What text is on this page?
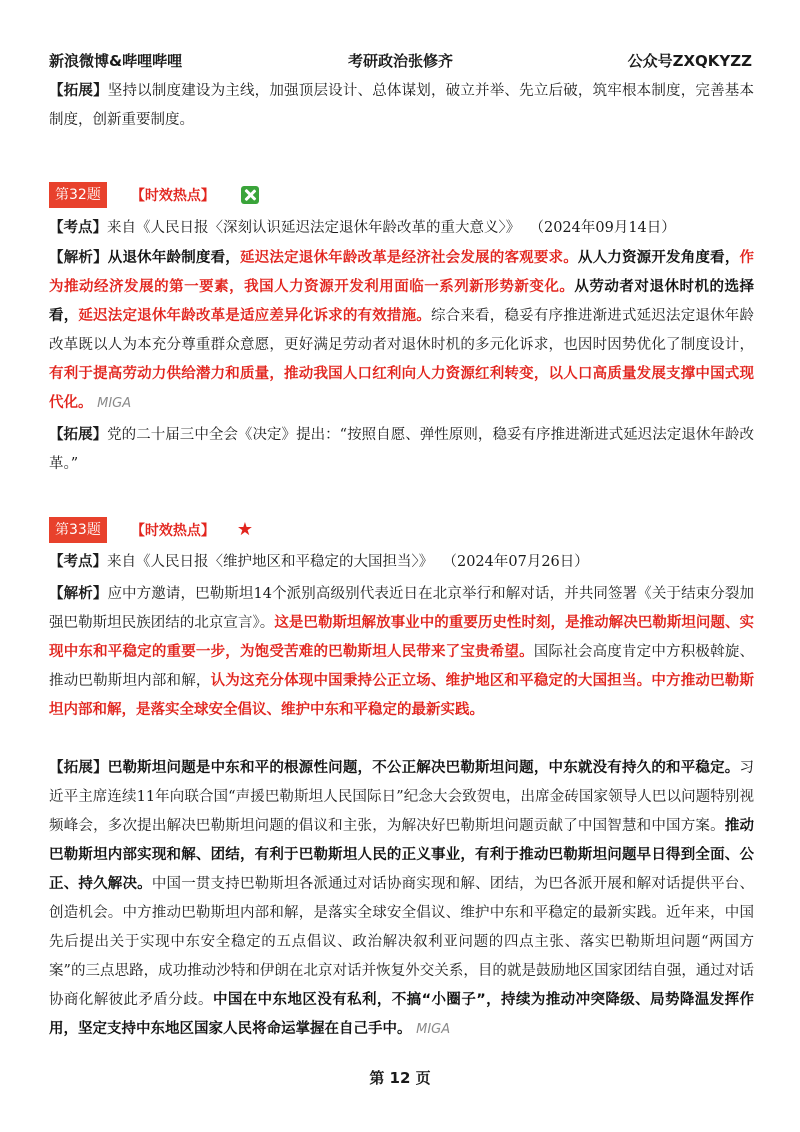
新浪微博&哔哩哔哩	考研政治张修齐	公众号ZXQKYZZ
【拓展】坚持以制度建设为主线，加强顶层设计、总体谋划，破立并举、先立后破，筑牢根本制度，完善基本制度，创新重要制度。
第32题	【时效热点】
【考点】来自《人民日报〈深刻认识延迟法定退休年龄改革的重大意义〉》 （2024年09月14日）
【解析】从退休年龄制度看，延迟法定退休年龄改革是经济社会发展的客观要求。从人力资源开发角度看，作为推动经济发展的第一要素，我国人力资源开发利用面临一系列新形势新变化。从劳动者对退休时机的选择看，延迟法定退休年龄改革是适应差异化诉求的有效措施。综合来看，稳妥有序推进渐进式延迟法定退休年龄改革既以人为本充分尊重群众意愿，更好满足劳动者对退休时机的多元化诉求，也因时因势优化了制度设计，有利于提高劳动力供给潜力和质量，推动我国人口红利向人力资源红利转变，以人口高质量发展支撑中国式现代化。 MIGA
【拓展】党的二十届三中全会《决定》提出：“按照自愿、弹性原则，稳妥有序推进渐进式延迟法定退休年龄改革。”
第33题	【时效热点】 ★
【考点】来自《人民日报〈维护地区和平稳定的大国担当〉》 （2024年07月26日）
【解析】应中方邀请，巴勒斯坦14个派别高级别代表近日在北京举行和解对话，并共同签署《关于结束分裂加强巴勒斯坦民族团结的北京宣言》。这是巴勒斯坦解放事业中的重要历史性时刻，是推动解决巴勒斯坦问题、实现中东和平稳定的重要一步，为饱受苦难的巴勒斯坦人民带来了宝贵希望。国际社会高度肯定中方积极斡旋、推动巴勒斯坦内部和解，认为这充分体现中国秉持公正立场、维护地区和平稳定的大国担当。中方推动巴勒斯坦内部和解，是落实全球安全倡议、维护中东和平稳定的最新实践。
【拓展】巴勒斯坦问题是中东和平的根源性问题，不公正解决巴勒斯坦问题，中东就没有持久的和平稳定。习近平主席连续11年向联合国“声援巴勒斯坦人民国际日”纪念大会致贺电，出席金砖国家领导人巴以问题特别视频峰会，多次提出解决巴勒斯坦问题的倡议和主张，为解决好巴勒斯坦问题贡献了中国智慧和中国方案。推动巴勒斯坦内部实现和解、团结，有利于巴勒斯坦人民的正义事业，有利于推动巴勒斯坦问题早日得到全面、公正、持久解决。中国一贯支持巴勒斯坦各派通过对话协商实现和解、团结，为巴各派开展和解对话提供平台、创造机会。中方推动巴勒斯坦内部和解，是落实全球安全倡议、维护中东和平稳定的最新实践。近年来，中国先后提出关于实现中东安全稳定的五点倡议、政治解决叙利亚问题的四点主张、落实巴勒斯坦问题“两国方案”的三点思路，成功推动沙特和伊朗在北京对话并恢复外交关系，目的就是鼓励地区国家团结自强，通过对话协商化解彼此矛盾分歧。中国在中东地区没有私利，不搞“小圈子”，持续为推动冲突降级、局势降温发挥作用，坚定支持中东地区国家人民将命运掌握在自己手中。 MIGA
第 12 页
